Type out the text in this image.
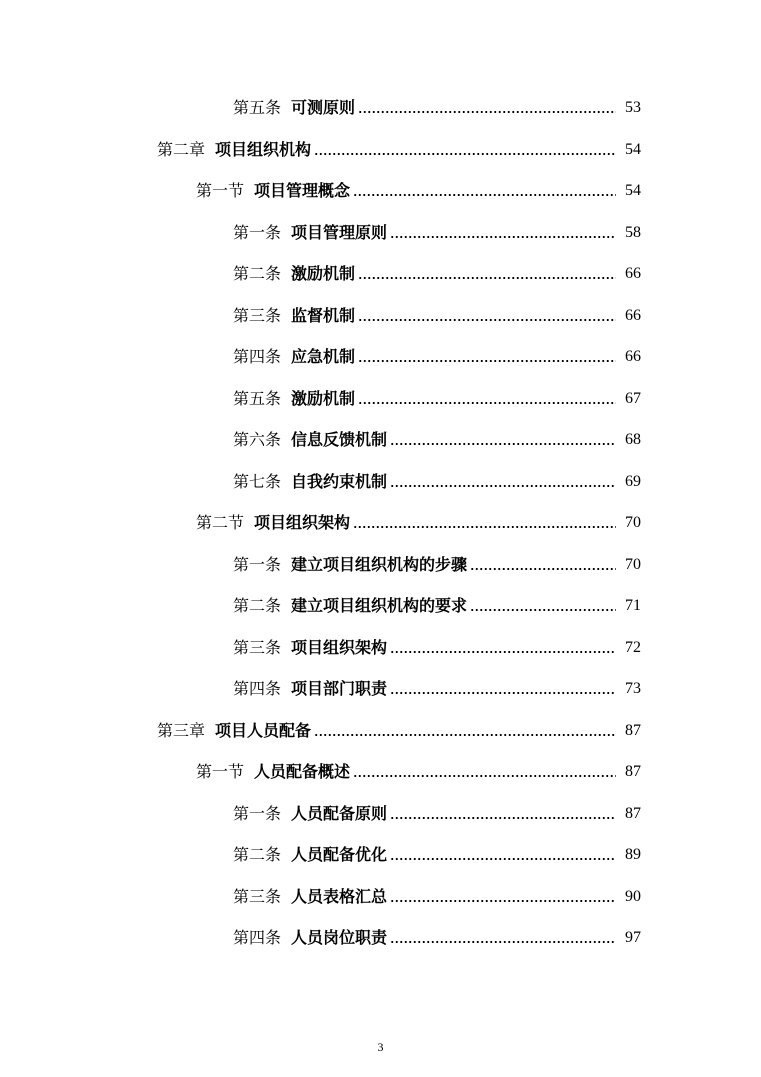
第五条 可测原则	53
第二章 项目组织机构	54
第一节 项目管理概念	54
第一条 项目管理原则	58
第二条 激励机制	66
第三条 监督机制	66
第四条 应急机制	66
第五条 激励机制	67
第六条 信息反馈机制	68
第七条 自我约束机制	69
第二节 项目组织架构	70
第一条 建立项目组织机构的步骤	70
第二条 建立项目组织机构的要求	71
第三条 项目组织架构	72
第四条 项目部门职责	73
第三章 项目人员配备	87
第一节 人员配备概述	87
第一条 人员配备原则	87
第二条 人员配备优化	89
第三条 人员表格汇总	90
第四条 人员岗位职责	97
3
